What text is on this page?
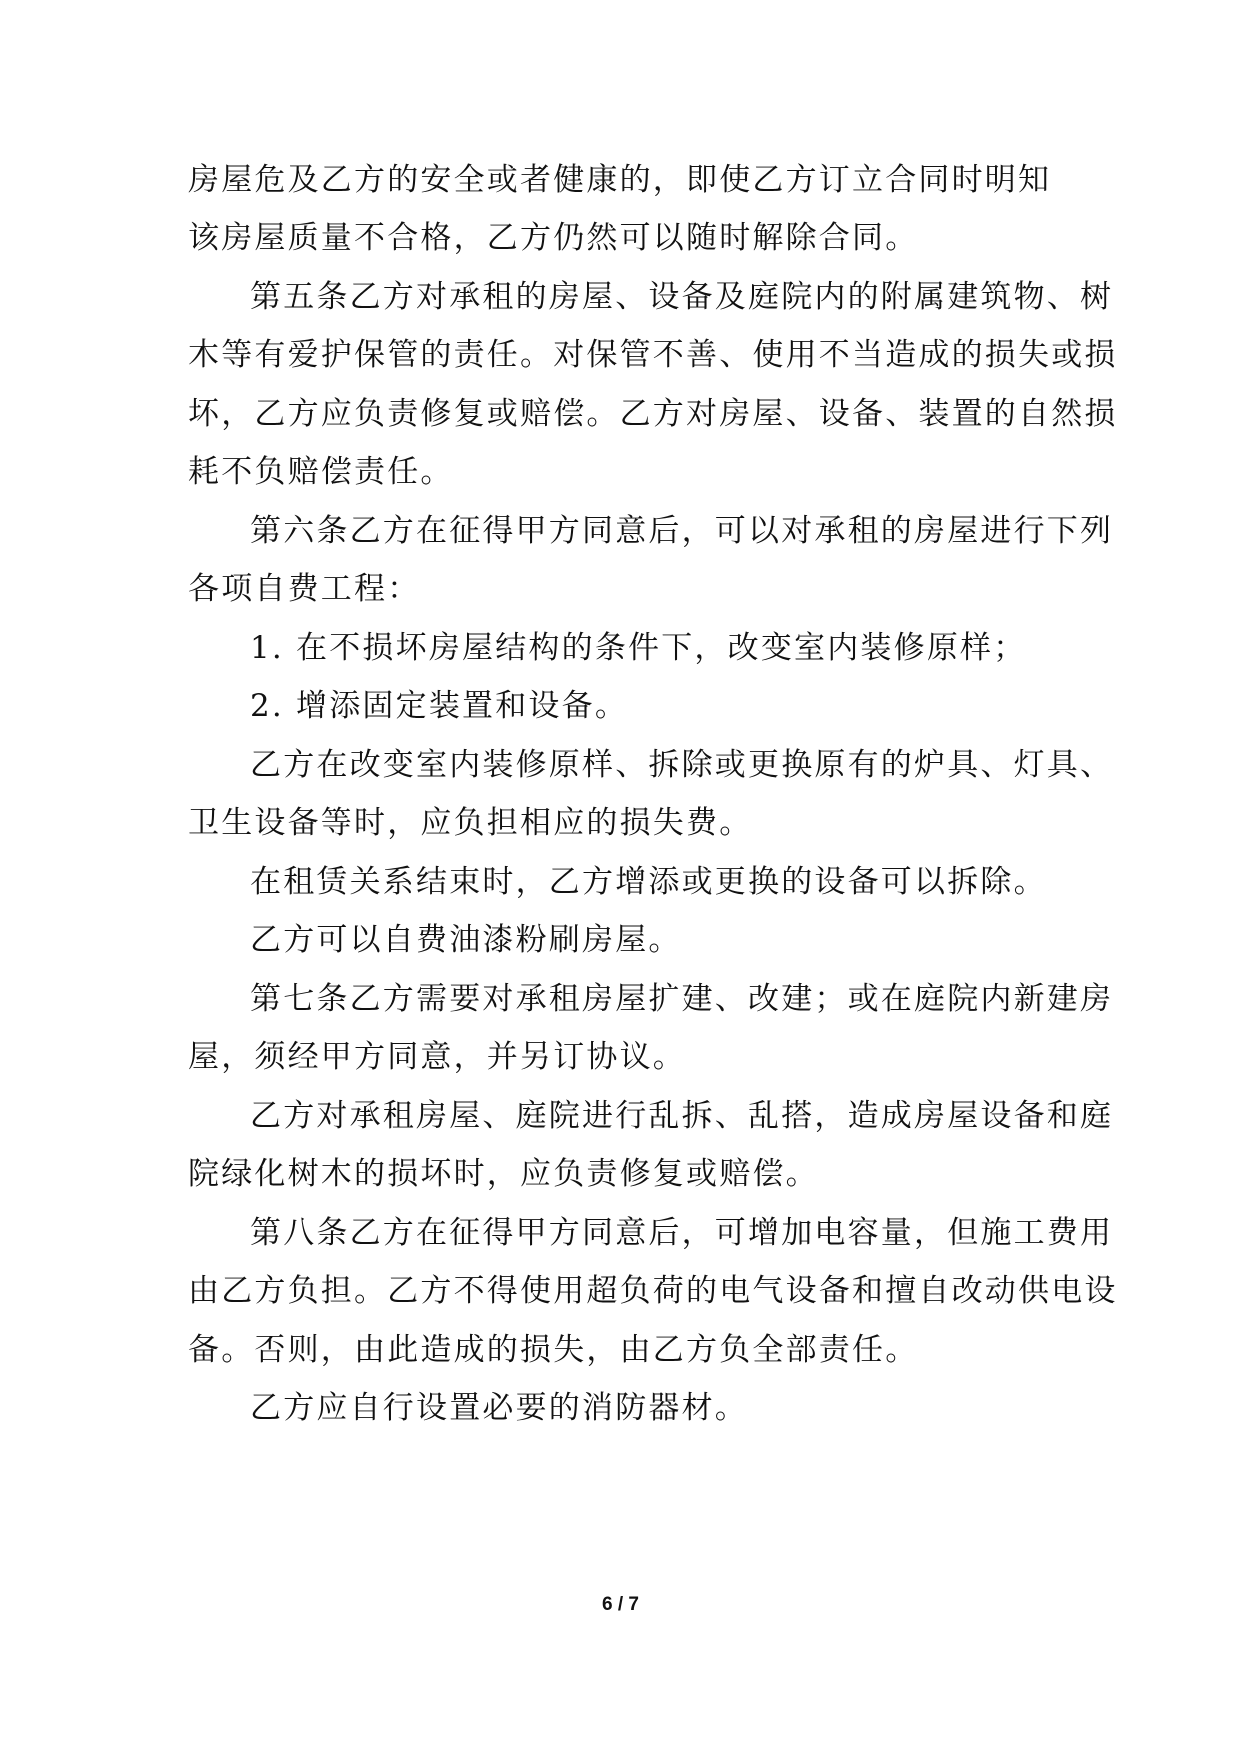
房屋危及乙方的安全或者健康的，即使乙方订立合同时明知
该房屋质量不合格，乙方仍然可以随时解除合同。
第五条乙方对承租的房屋、设备及庭院内的附属建筑物、树
木等有爱护保管的责任。对保管不善、使用不当造成的损失或损
坏，乙方应负责修复或赔偿。乙方对房屋、设备、装置的自然损
耗不负赔偿责任。
第六条乙方在征得甲方同意后，可以对承租的房屋进行下列
各项自费工程：
1. 在不损坏房屋结构的条件下，改变室内装修原样；
2. 增添固定装置和设备。
乙方在改变室内装修原样、拆除或更换原有的炉具、灯具、
卫生设备等时，应负担相应的损失费。
在租赁关系结束时，乙方增添或更换的设备可以拆除。
乙方可以自费油漆粉刷房屋。
第七条乙方需要对承租房屋扩建、改建；或在庭院内新建房
屋，须经甲方同意，并另订协议。
乙方对承租房屋、庭院进行乱拆、乱搭，造成房屋设备和庭
院绿化树木的损坏时，应负责修复或赔偿。
第八条乙方在征得甲方同意后，可增加电容量，但施工费用
由乙方负担。乙方不得使用超负荷的电气设备和擅自改动供电设
备。否则，由此造成的损失，由乙方负全部责任。
乙方应自行设置必要的消防器材。
6 / 7
